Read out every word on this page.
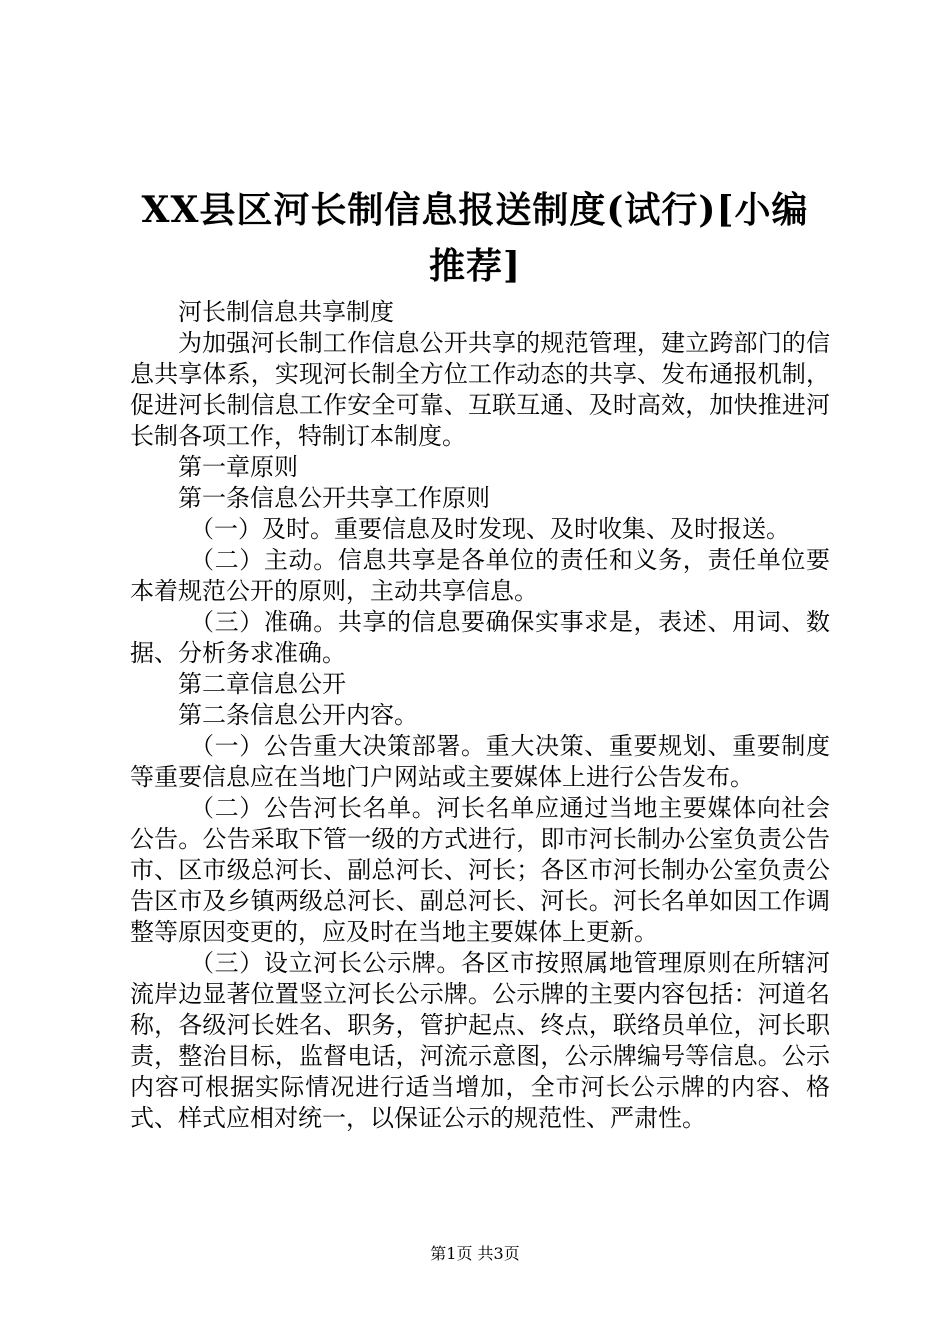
XX县区河长制信息报送制度(试行)[小编推荐]

河长制信息共享制度

为加强河长制工作信息公开共享的规范管理，建立跨部门的信息共享体系，实现河长制全方位工作动态的共享、发布通报机制，促进河长制信息工作安全可靠、互联互通、及时高效，加快推进河长制各项工作，特制订本制度。

第一章原则

第一条信息公开共享工作原则

（一）及时。重要信息及时发现、及时收集、及时报送。

（二）主动。信息共享是各单位的责任和义务，责任单位要本着规范公开的原则，主动共享信息。

（三）准确。共享的信息要确保实事求是，表述、用词、数据、分析务求准确。

第二章信息公开

第二条信息公开内容。

（一）公告重大决策部署。重大决策、重要规划、重要制度等重要信息应在当地门户网站或主要媒体上进行公告发布。

（二）公告河长名单。河长名单应通过当地主要媒体向社会公告。公告采取下管一级的方式进行，即市河长制办公室负责公告市、区市级总河长、副总河长、河长；各区市河长制办公室负责公告区市及乡镇两级总河长、副总河长、河长。河长名单如因工作调整等原因变更的，应及时在当地主要媒体上更新。

（三）设立河长公示牌。各区市按照属地管理原则在所辖河流岸边显著位置竖立河长公示牌。公示牌的主要内容包括：河道名称，各级河长姓名、职务，管护起点、终点，联络员单位，河长职责，整治目标，监督电话，河流示意图，公示牌编号等信息。公示内容可根据实际情况进行适当增加，全市河长公示牌的内容、格式、样式应相对统一，以保证公示的规范性、严肃性。

第1页 共3页
